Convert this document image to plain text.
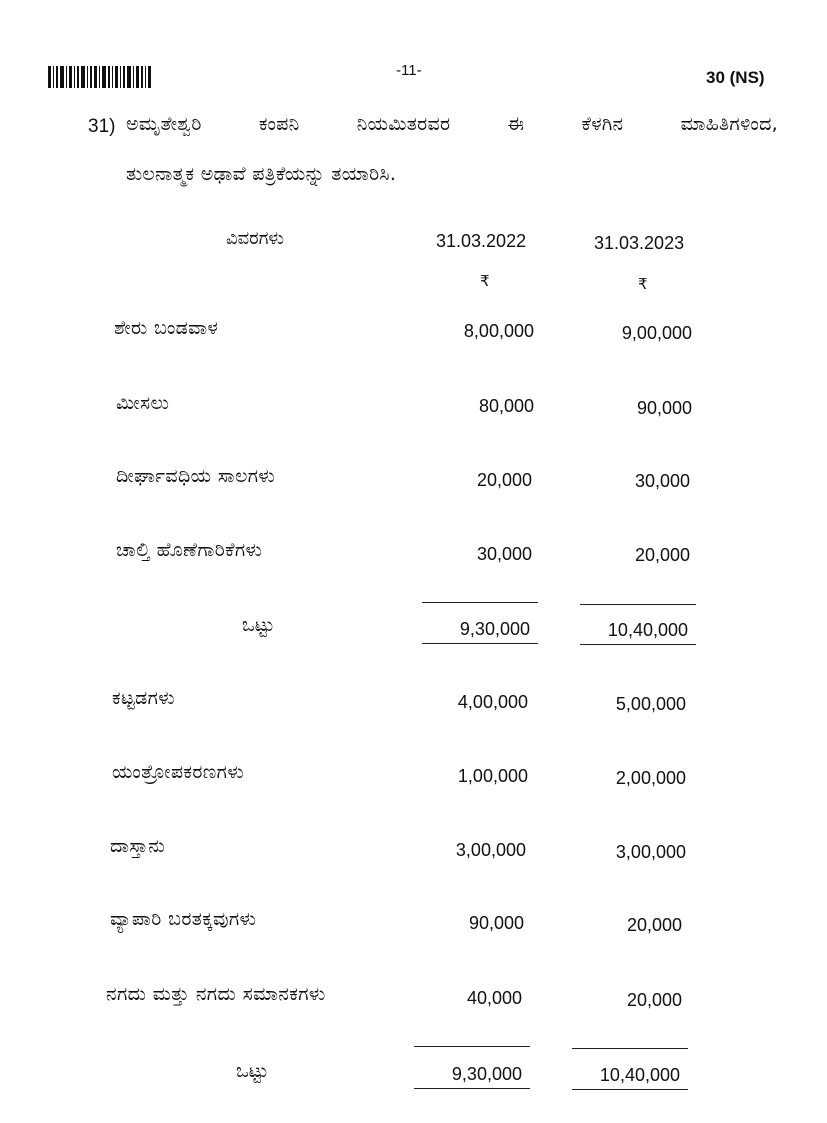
-11-	30 (NS)
31) ಅಮೃತೇಶ್ವರಿ ಕಂಪನಿ ನಿಯಮಿತರವರ ಈ ಕೆಳಗಿನ ಮಾಹಿತಿಗಳಿಂದ,
ತುಲನಾತ್ಮಕ ಅಢಾವೆ ಪತ್ರಿಕೆಯನ್ನು ತಯಾರಿಸಿ.
ವಿವರಗಳು	31.03.2022	31.03.2023
₹	₹
ಶೇರು ಬಂಡವಾಳ	8,00,000	9,00,000
ಮೀಸಲು	80,000	90,000
ದೀರ್ಘಾವಧಿಯ ಸಾಲಗಳು	20,000	30,000
ಚಾಲ್ತಿ ಹೊಣೆಗಾರಿಕೆಗಳು	30,000	20,000
ಒಟ್ಟು	9,30,000	10,40,000
ಕಟ್ಟಡಗಳು	4,00,000	5,00,000
ಯಂತ್ರೋಪಕರಣಗಳು	1,00,000	2,00,000
ದಾಸ್ತಾನು	3,00,000	3,00,000
ವ್ಯಾಪಾರಿ ಬರತಕ್ಕವುಗಳು	90,000	20,000
ನಗದು ಮತ್ತು ನಗದು ಸಮಾನಕಗಳು	40,000	20,000
ಒಟ್ಟು	9,30,000	10,40,000
